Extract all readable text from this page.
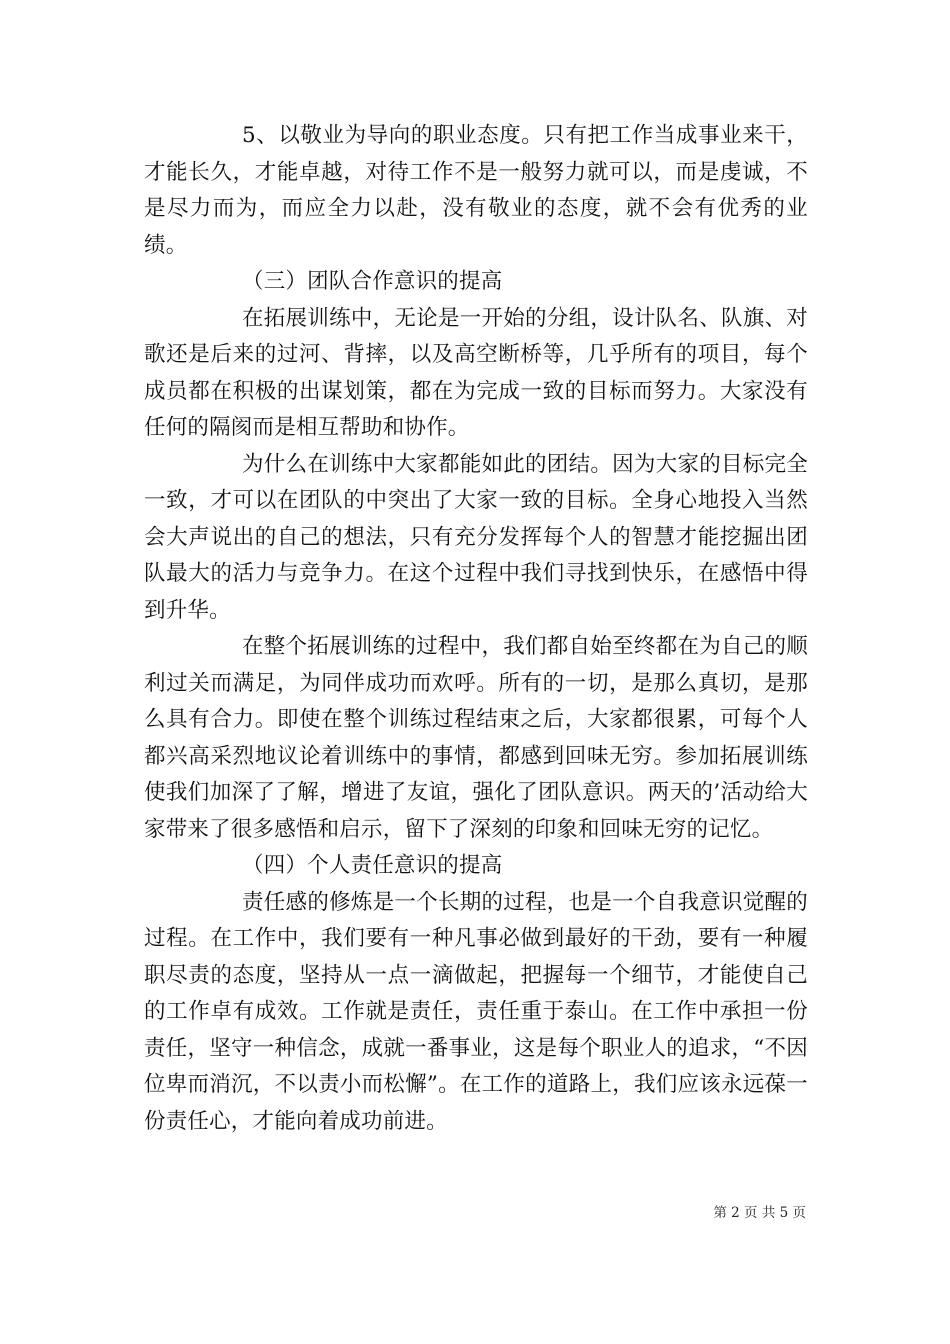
5、以敬业为导向的职业态度。只有把工作当成事业来干，才能长久，才能卓越，对待工作不是一般努力就可以，而是虔诚，不是尽力而为，而应全力以赴，没有敬业的态度，就不会有优秀的业绩。

（三）团队合作意识的提高

在拓展训练中，无论是一开始的分组，设计队名、队旗、对歌还是后来的过河、背摔，以及高空断桥等，几乎所有的项目，每个成员都在积极的出谋划策，都在为完成一致的目标而努力。大家没有任何的隔阂而是相互帮助和协作。

为什么在训练中大家都能如此的团结。因为大家的目标完全一致，才可以在团队的中突出了大家一致的目标。全身心地投入当然会大声说出的自己的想法，只有充分发挥每个人的智慧才能挖掘出团队最大的活力与竞争力。在这个过程中我们寻找到快乐，在感悟中得到升华。

在整个拓展训练的过程中，我们都自始至终都在为自己的顺利过关而满足，为同伴成功而欢呼。所有的一切，是那么真切，是那么具有合力。即使在整个训练过程结束之后，大家都很累，可每个人都兴高采烈地议论着训练中的事情，都感到回味无穷。参加拓展训练使我们加深了了解，增进了友谊，强化了团队意识。两天的’活动给大家带来了很多感悟和启示，留下了深刻的印象和回味无穷的记忆。

（四）个人责任意识的提高

责任感的修炼是一个长期的过程，也是一个自我意识觉醒的过程。在工作中，我们要有一种凡事必做到最好的干劲，要有一种履职尽责的态度，坚持从一点一滴做起，把握每一个细节，才能使自己的工作卓有成效。工作就是责任，责任重于泰山。在工作中承担一份责任，坚守一种信念，成就一番事业，这是每个职业人的追求，“不因位卑而消沉，不以责小而松懈”。在工作的道路上，我们应该永远葆一份责任心，才能向着成功前进。

第 2 页 共 5 页
